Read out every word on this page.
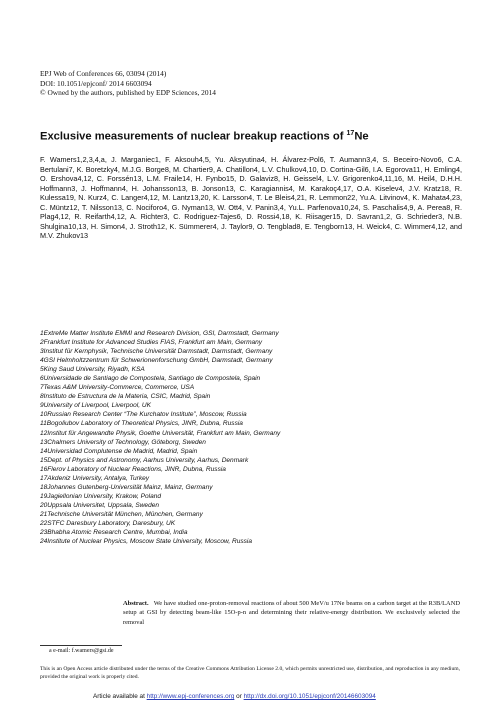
EPJ Web of Conferences 66, 03094 (2014)
DOI: 10.1051/epjconf/ 2014 6603094
© Owned by the authors, published by EDP Sciences, 2014
Exclusive measurements of nuclear breakup reactions of $^{17}$Ne
F. Wamers1,2,3,4,a, J. Marganiec1, F. Aksouh4,5, Yu. Aksyutina4, H. Álvarez-Pol6, T. Aumann3,4, S. Beceiro-Novo6, C.A. Bertulani7, K. Boretzky4, M.J.G. Borge8, M. Chartier9, A. Chatillon4, L.V. Chulkov4,10, D. Cortina-Gil6, I.A. Egorova11, H. Emling4, O. Ershova4,12, C. Forssén13, L.M. Fraile14, H. Fynbo15, D. Galaviz8, H. Geissel4, L.V. Grigorenko4,11,16, M. Heil4, D.H.H. Hoffmann3, J. Hoffmann4, H. Johansson13, B. Jonson13, C. Karagiannis4, M. Karakoç4,17, O.A. Kiselev4, J.V. Kratz18, R. Kulessa19, N. Kurz4, C. Langer4,12, M. Lantz13,20, K. Larsson4, T. Le Bleis4,21, R. Lemmon22, Yu.A. Litvinov4, K. Mahata4,23, C. Müntz12, T. Nilsson13, C. Nociforo4, G. Nyman13, W. Ott4, V. Panin3,4, Yu.L. Parfenova10,24, S. Paschalis4,9, A. Perea8, R. Plag4,12, R. Reifarth4,12, A. Richter3, C. Rodriguez-Tajes6, D. Rossi4,18, K. Riisager15, D. Savran1,2, G. Schrieder3, N.B. Shulgina10,13, H. Simon4, J. Stroth12, K. Sümmerer4, J. Taylor9, O. Tengblad8, E. Tengborn13, H. Weick4, C. Wimmer4,12, and M.V. Zhukov13
1ExtreMe Matter Institute EMMI and Research Division, GSI, Darmstadt, Germany
2Frankfurt Institute for Advanced Studies FIAS, Frankfurt am Main, Germany
3Institut für Kernphysik, Technische Universität Darmstadt, Darmstadt, Germany
4GSI Helmholtzzentrum für Schwerionenforschung GmbH, Darmstadt, Germany
5King Saud University, Riyadh, KSA
6Universidade de Santiago de Compostela, Santiago de Compostela, Spain
7Texas A&M University-Commerce, Commerce, USA
8Instituto de Estructura de la Materia, CSIC, Madrid, Spain
9University of Liverpool, Liverpool, UK
10Russian Research Center “The Kurchatov Institute”, Moscow, Russia
11Bogoliubov Laboratory of Theoretical Physics, JINR, Dubna, Russia
12Institut für Angewandte Physik, Goethe Universität, Frankfurt am Main, Germany
13Chalmers University of Technology, Göteborg, Sweden
14Universidad Complutense de Madrid, Madrid, Spain
15Dept. of Physics and Astronomy, Aarhus University, Aarhus, Denmark
16Flerov Laboratory of Nuclear Reactions, JINR, Dubna, Russia
17Akdeniz University, Antalya, Turkey
18Johannes Gutenberg-Universität Mainz, Mainz, Germany
19Jagiellonian University, Krakow, Poland
20Uppsala Universitet, Uppsala, Sweden
21Technische Universität München, München, Germany
22STFC Daresbury Laboratory, Daresbury, UK
23Bhabha Atomic Research Centre, Mumbai, India
24Institute of Nuclear Physics, Moscow State University, Moscow, Russia
Abstract. We have studied one-proton-removal reactions of about 500 MeV/u 17Ne beams on a carbon target at the R3B/LAND setup at GSI by detecting beam-like 15O-p-n and determining their relative-energy distribution. We exclusively selected the removal
a e-mail: f.wamers@gsi.de
This is an Open Access article distributed under the terms of the Creative Commons Attribution License 2.0, which permits unrestricted use, distribution, and reproduction in any medium, provided the original work is properly cited.
Article available at http://www.epj-conferences.org or http://dx.doi.org/10.1051/epjconf/20146603094
